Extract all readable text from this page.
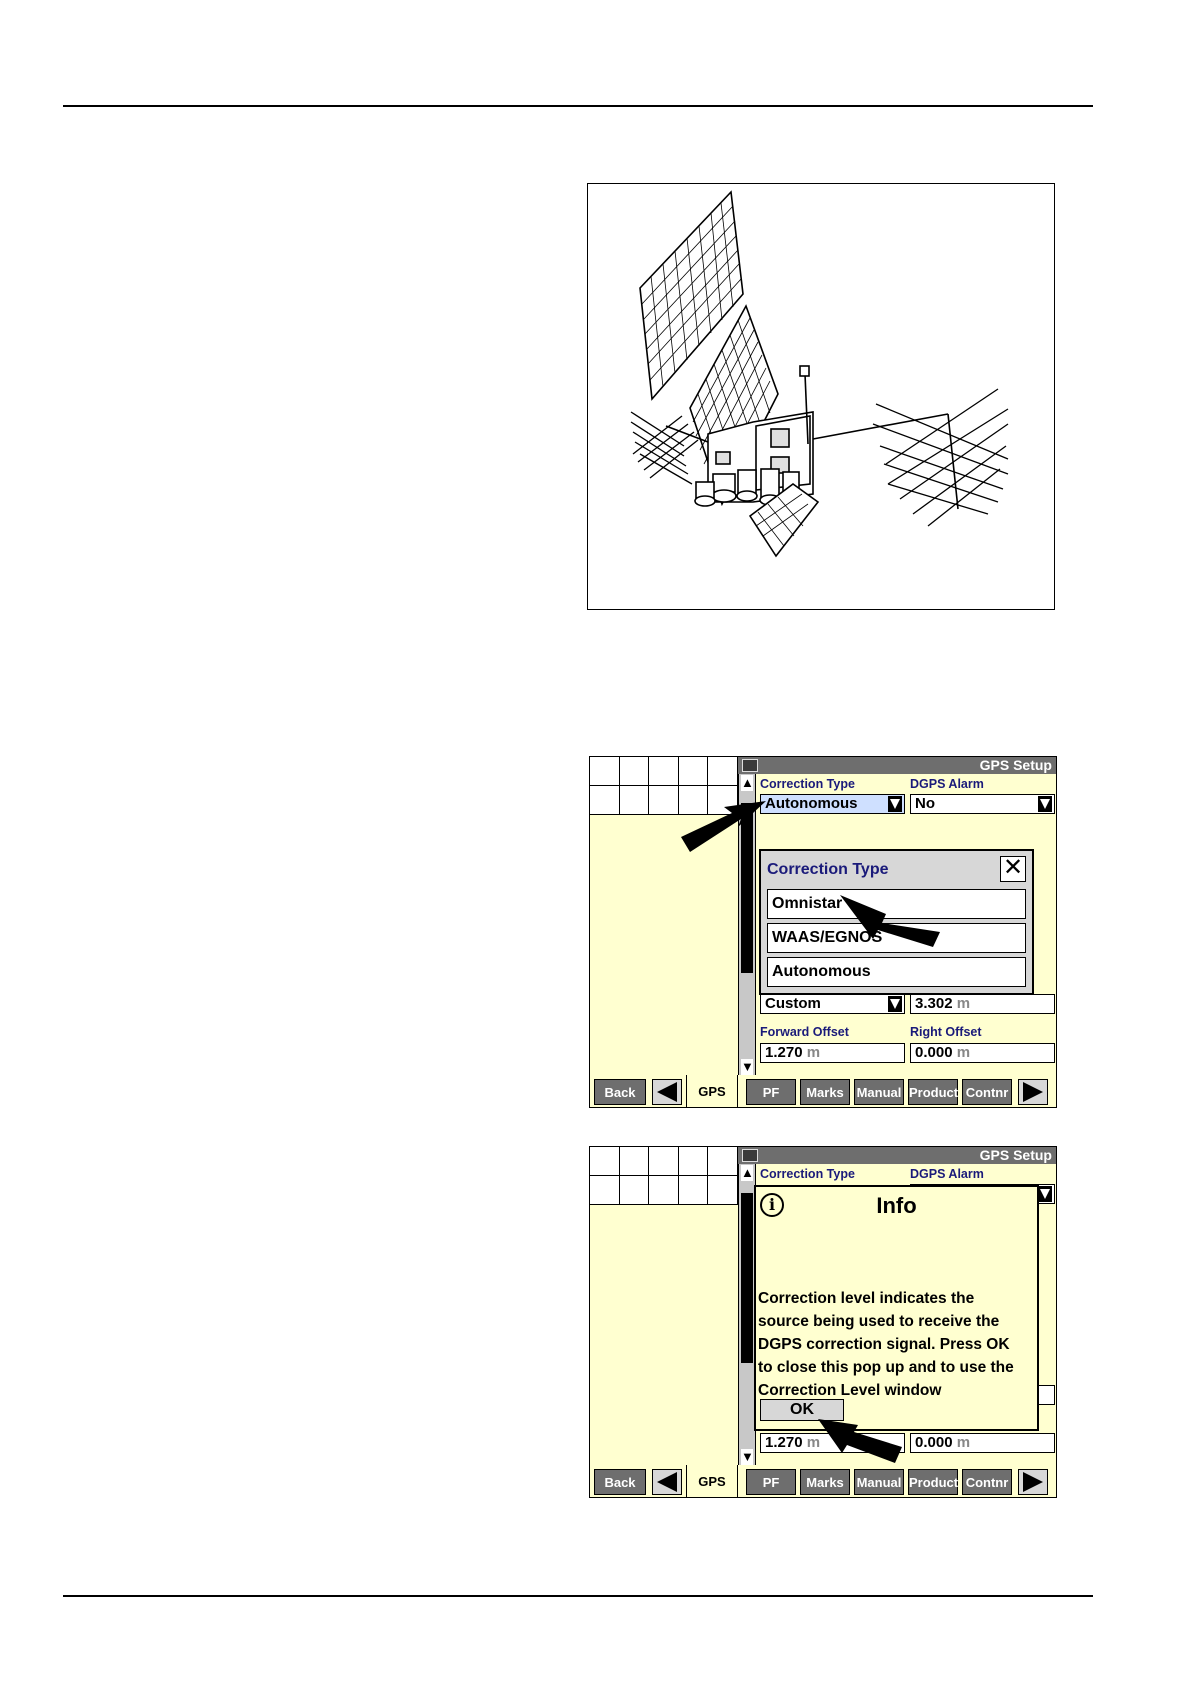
▲
▼
GPS Setup
Correction Type	DGPS Alarm
Autonomous	No
Custom	3.302 m
Forward Offset	Right Offset
1.270 m	0.000 m
Correction Type	✕
Omnistar
WAAS/EGNOS
Autonomous
Back	GPS	PF	Marks Manual Product Contnr
▲
▼
GPS Setup
Correction Type	DGPS Alarm
1.270 m	0.000 m
i	Info
Correction level indicates the
source being used to receive the
DGPS correction signal. Press OK
to close this pop up and to use the
Correction Level window
OK
Back	GPS	PF	Marks Manual Product Contnr
